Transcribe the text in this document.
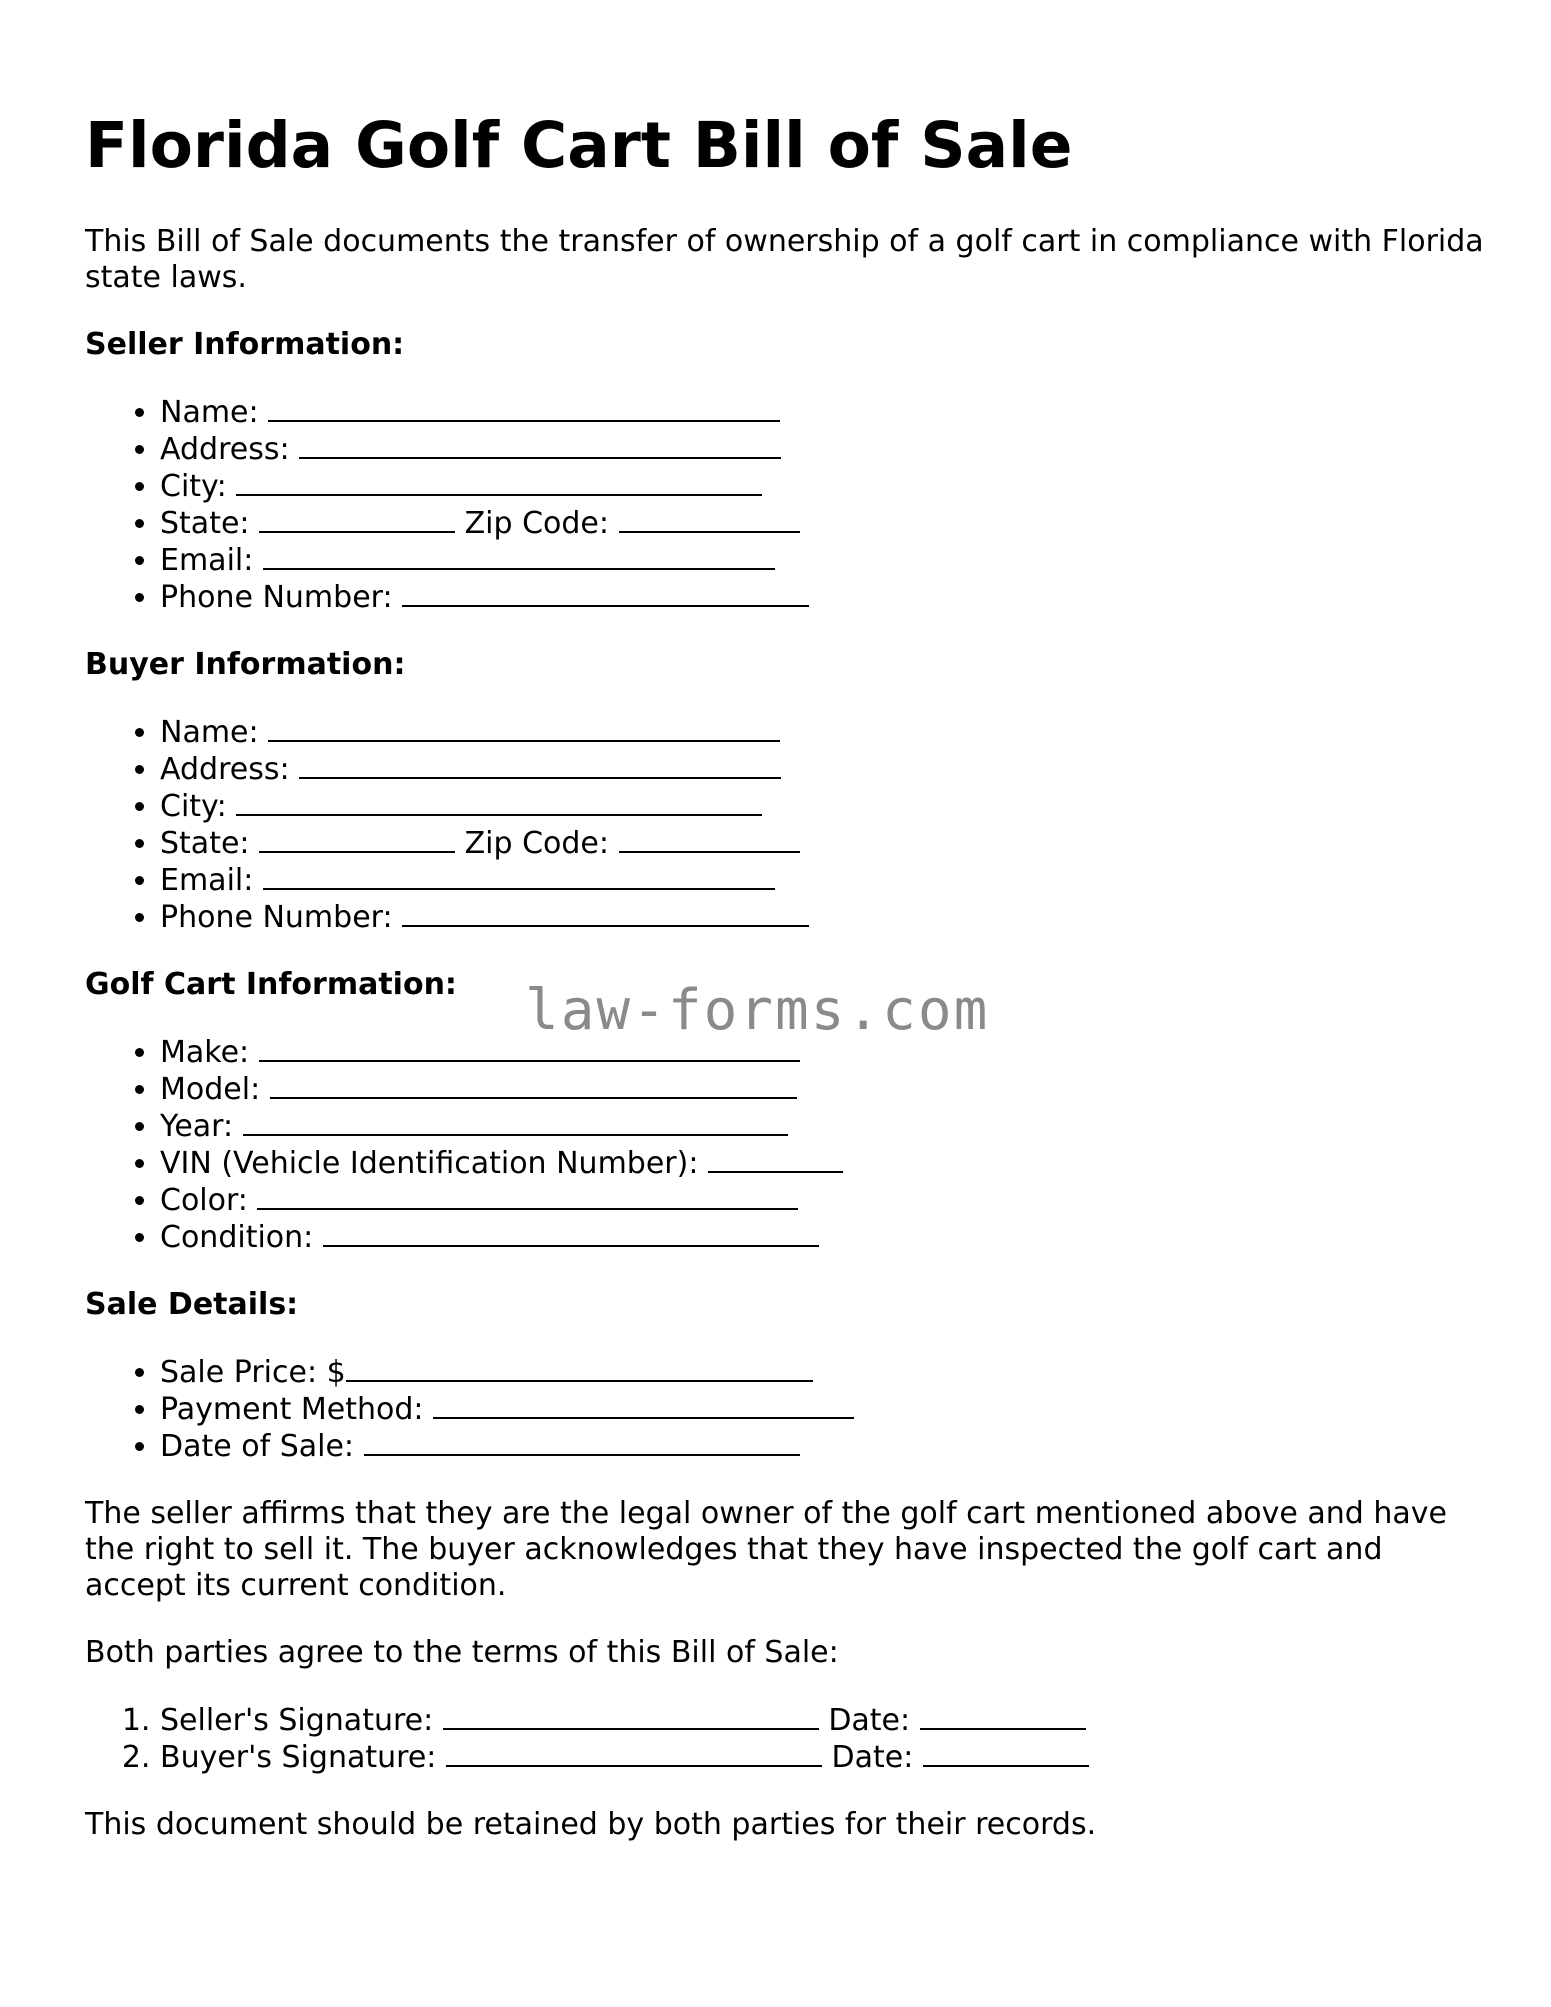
Florida Golf Cart Bill of Sale

This Bill of Sale documents the transfer of ownership of a golf cart in compliance with Florida state laws.

Seller Information:
• Name:
• Address:
• City:
• State:	Zip Code:
• Email:
• Phone Number:
Buyer Information:
• Name:
• Address:
• City:
• State:	Zip Code:
• Email:
• Phone Number:
Golf Cart Information:
• Make:
• Model:
• Year:
• VIN (Vehicle Identification Number):
• Color:
• Condition:
Sale Details:
• Sale Price: $
• Payment Method:
• Date of Sale:

The seller affirms that they are the legal owner of the golf cart mentioned above and have the right to sell it. The buyer acknowledges that they have inspected the golf cart and accept its current condition.

Both parties agree to the terms of this Bill of Sale:

1. Seller's Signature:	Date:
2. Buyer's Signature:	Date:

This document should be retained by both parties for their records.

law-forms.com
